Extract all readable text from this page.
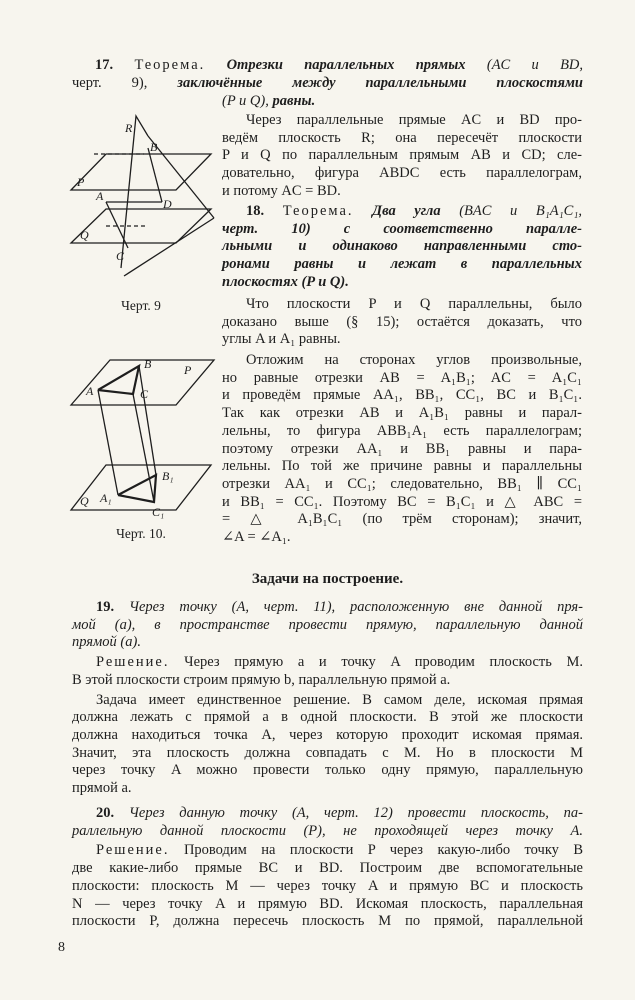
17. Теорема. Отрезки параллельных прямых (AC и BD,
черт. 9), заключённые между параллельными плоскостями
(P и Q), равны.
Через параллельные прямые AC и BD про-
ведём плоскость R; она пересечёт плоскости
P и Q по параллельным прямым AB и CD; сле-
довательно, фигура ABDC есть параллелограм,
и потому AC = BD.
18. Теорема. Два угла (BAC и B₁A₁C₁,
черт. 10) с соответственно паралле-
льными и одинаково направленными сто-
ронами равны и лежат в параллельных
плоскостях (P и Q).
Что плоскости P и Q параллельны, было
доказано выше (§ 15); остаётся доказать, что
углы A и A₁ равны.
Отложим на сторонах углов произвольные,
но равные отрезки AB = A₁B₁; AC = A₁C₁
и проведём прямые AA₁, BB₁, CC₁, BC и B₁C₁.
Так как отрезки AB и A₁B₁ равны и парал-
лельны, то фигура ABB₁A₁ есть параллелограм;
поэтому отрезки AA₁ и BB₁ равны и пара-
лельны. По той же причине равны и параллельны
отрезки AA₁ и CC₁; следовательно, BB₁ ∥ CC₁
и BB₁ = CC₁. Поэтому BC = B₁C₁ и △ ABC =
= △ A₁B₁C₁ (по трём сторонам); значит,
∠A = ∠A₁.
R
B
P
A
D
Q
C
Черт. 9
B	P
A	C
B₁
Q A₁
C₁
Черт. 10.
Задачи на построение.
19. Через точку (A, черт. 11), расположенную вне данной пря-
мой (a), в пространстве провести прямую, параллельную данной
прямой (a).
Решение. Через прямую a и точку A проводим плоскость M.
В этой плоскости строим прямую b, параллельную прямой a.
Задача имеет единственное решение. В самом деле, искомая прямая
должна лежать с прямой a в одной плоскости. В этой же плоскости
должна находиться точка A, через которую проходит искомая прямая.
Значит, эта плоскость должна совпадать с M. Но в плоскости M
через точку A можно провести только одну прямую, параллельную
прямой a.
20. Через данную точку (A, черт. 12) провести плоскость, па-
раллельную данной плоскости (P), не проходящей через точку A.
Решение. Проводим на плоскости P через какую-либо точку B
две какие-либо прямые BC и BD. Построим две вспомогательные
плоскости: плоскость M — через точку A и прямую BC и плоскость
N — через точку A и прямую BD. Искомая плоскость, параллельная
плоскости P, должна пересечь плоскость M по прямой, параллельной
8
